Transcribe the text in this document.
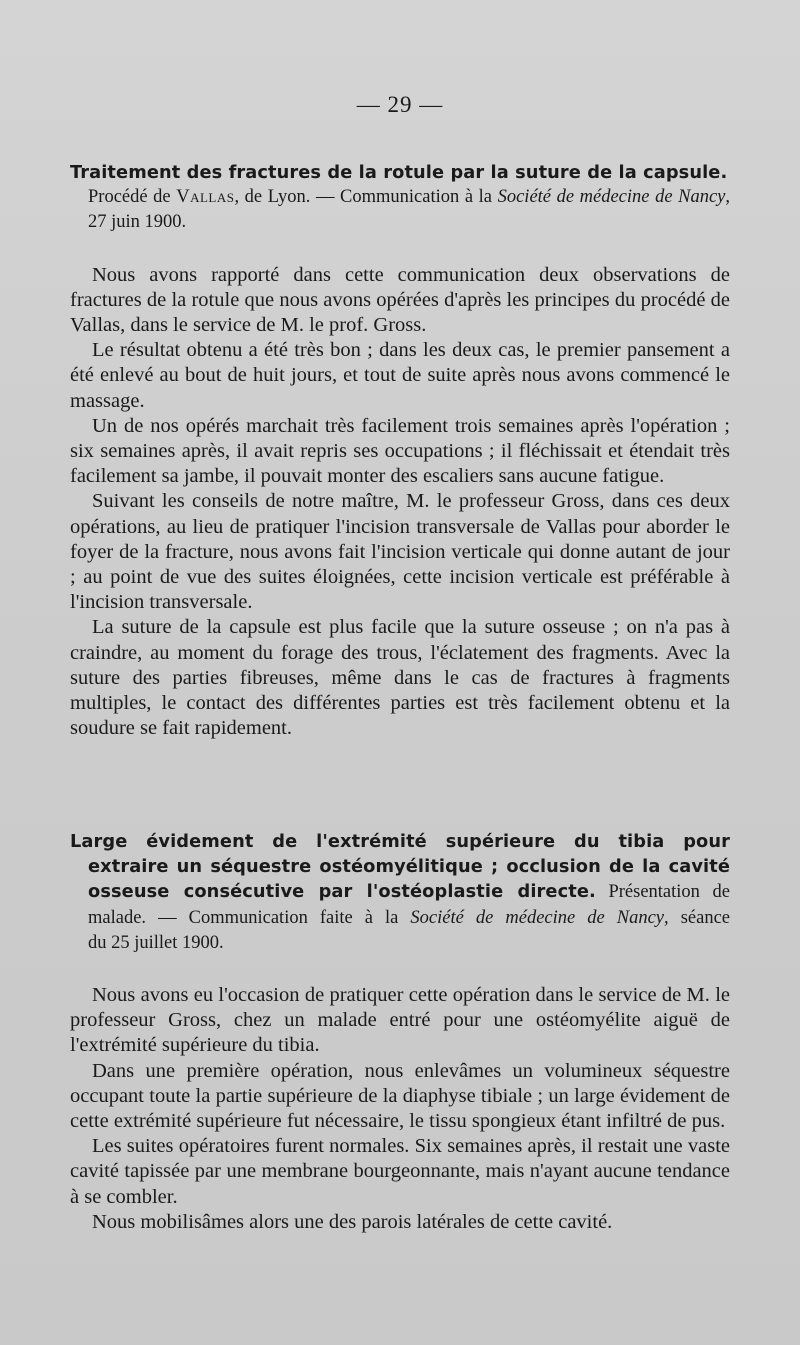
— 29 —
Traitement des fractures de la rotule par la suture de la capsule.
Procédé de Vallas, de Lyon. — Communication à la Société de médecine de Nancy, 27 juin 1900.

Nous avons rapporté dans cette communication deux observations de fractures de la rotule que nous avons opérées d'après les principes du procédé de Vallas, dans le service de M. le prof. Gross.

Le résultat obtenu a été très bon ; dans les deux cas, le premier pansement a été enlevé au bout de huit jours, et tout de suite après nous avons commencé le massage.

Un de nos opérés marchait très facilement trois semaines après l'opération ; six semaines après, il avait repris ses occupations ; il fléchissait et étendait très facilement sa jambe, il pouvait monter des escaliers sans aucune fatigue.

Suivant les conseils de notre maître, M. le professeur Gross, dans ces deux opérations, au lieu de pratiquer l'incision transversale de Vallas pour aborder le foyer de la fracture, nous avons fait l'incision verticale qui donne autant de jour ; au point de vue des suites éloignées, cette incision verticale est préférable à l'incision transversale.

La suture de la capsule est plus facile que la suture osseuse ; on n'a pas à craindre, au moment du forage des trous, l'éclatement des fragments. Avec la suture des parties fibreuses, même dans le cas de fractures à fragments multiples, le contact des différentes parties est très facilement obtenu et la soudure se fait rapidement.

Large évidement de l'extrémité supérieure du tibia pour
extraire un séquestre ostéomyélitique ; occlusion de la cavité
osseuse consécutive par l'ostéoplastie directe. Présentation de
malade. — Communication faite à la Société de médecine de Nancy, séance
du 25 juillet 1900.

Nous avons eu l'occasion de pratiquer cette opération dans le service de M. le professeur Gross, chez un malade entré pour une ostéomyélite aiguë de l'extrémité supérieure du tibia.

Dans une première opération, nous enlevâmes un volumineux séquestre occupant toute la partie supérieure de la diaphyse tibiale ; un large évidement de cette extrémité supérieure fut nécessaire, le tissu spongieux étant infiltré de pus.

Les suites opératoires furent normales. Six semaines après, il restait une vaste cavité tapissée par une membrane bourgeonnante, mais n'ayant aucune tendance à se combler.

Nous mobilisâmes alors une des parois latérales de cette cavité.
